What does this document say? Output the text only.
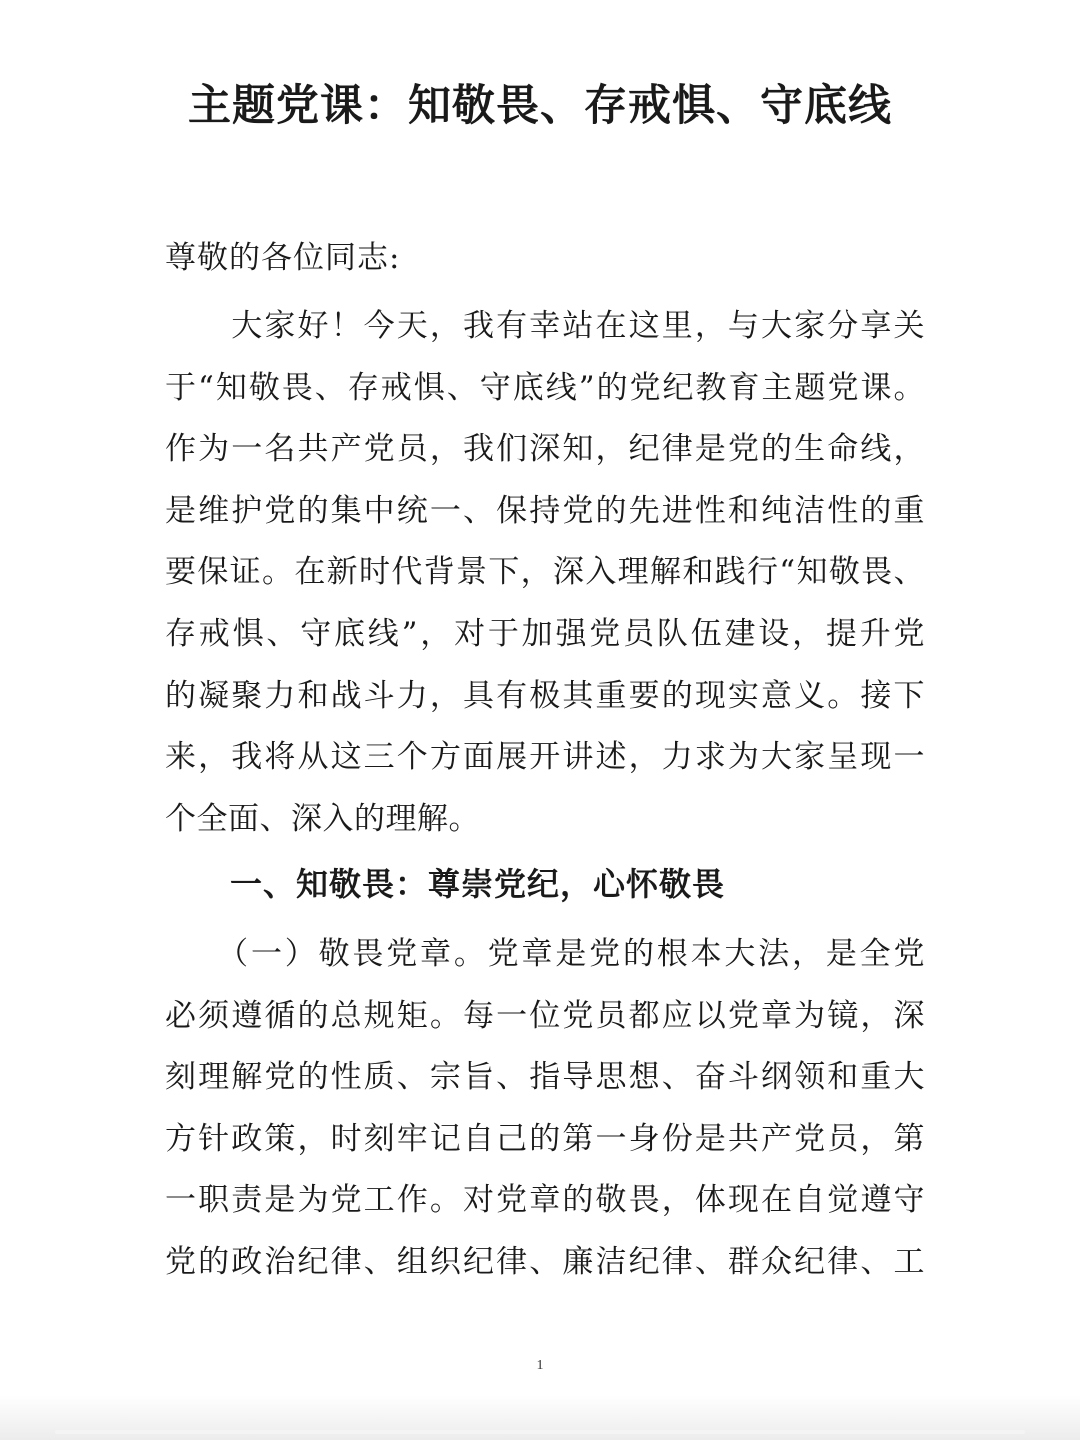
主题党课：知敬畏、存戒惧、守底线
尊敬的各位同志:
　　大家好！今天，我有幸站在这里，与大家分享关
于“知敬畏、存戒惧、守底线”的党纪教育主题党课。
作为一名共产党员，我们深知，纪律是党的生命线，
是维护党的集中统一、保持党的先进性和纯洁性的重
要保证。在新时代背景下，深入理解和践行“知敬畏、
存戒惧、守底线”，对于加强党员队伍建设，提升党
的凝聚力和战斗力，具有极其重要的现实意义。接下
来，我将从这三个方面展开讲述，力求为大家呈现一
个全面、深入的理解。
一、知敬畏：尊崇党纪，心怀敬畏
　　（一）敬畏党章。党章是党的根本大法，是全党
必须遵循的总规矩。每一位党员都应以党章为镜，深
刻理解党的性质、宗旨、指导思想、奋斗纲领和重大
方针政策，时刻牢记自己的第一身份是共产党员，第
一职责是为党工作。对党章的敬畏，体现在自觉遵守
党的政治纪律、组织纪律、廉洁纪律、群众纪律、工
1
